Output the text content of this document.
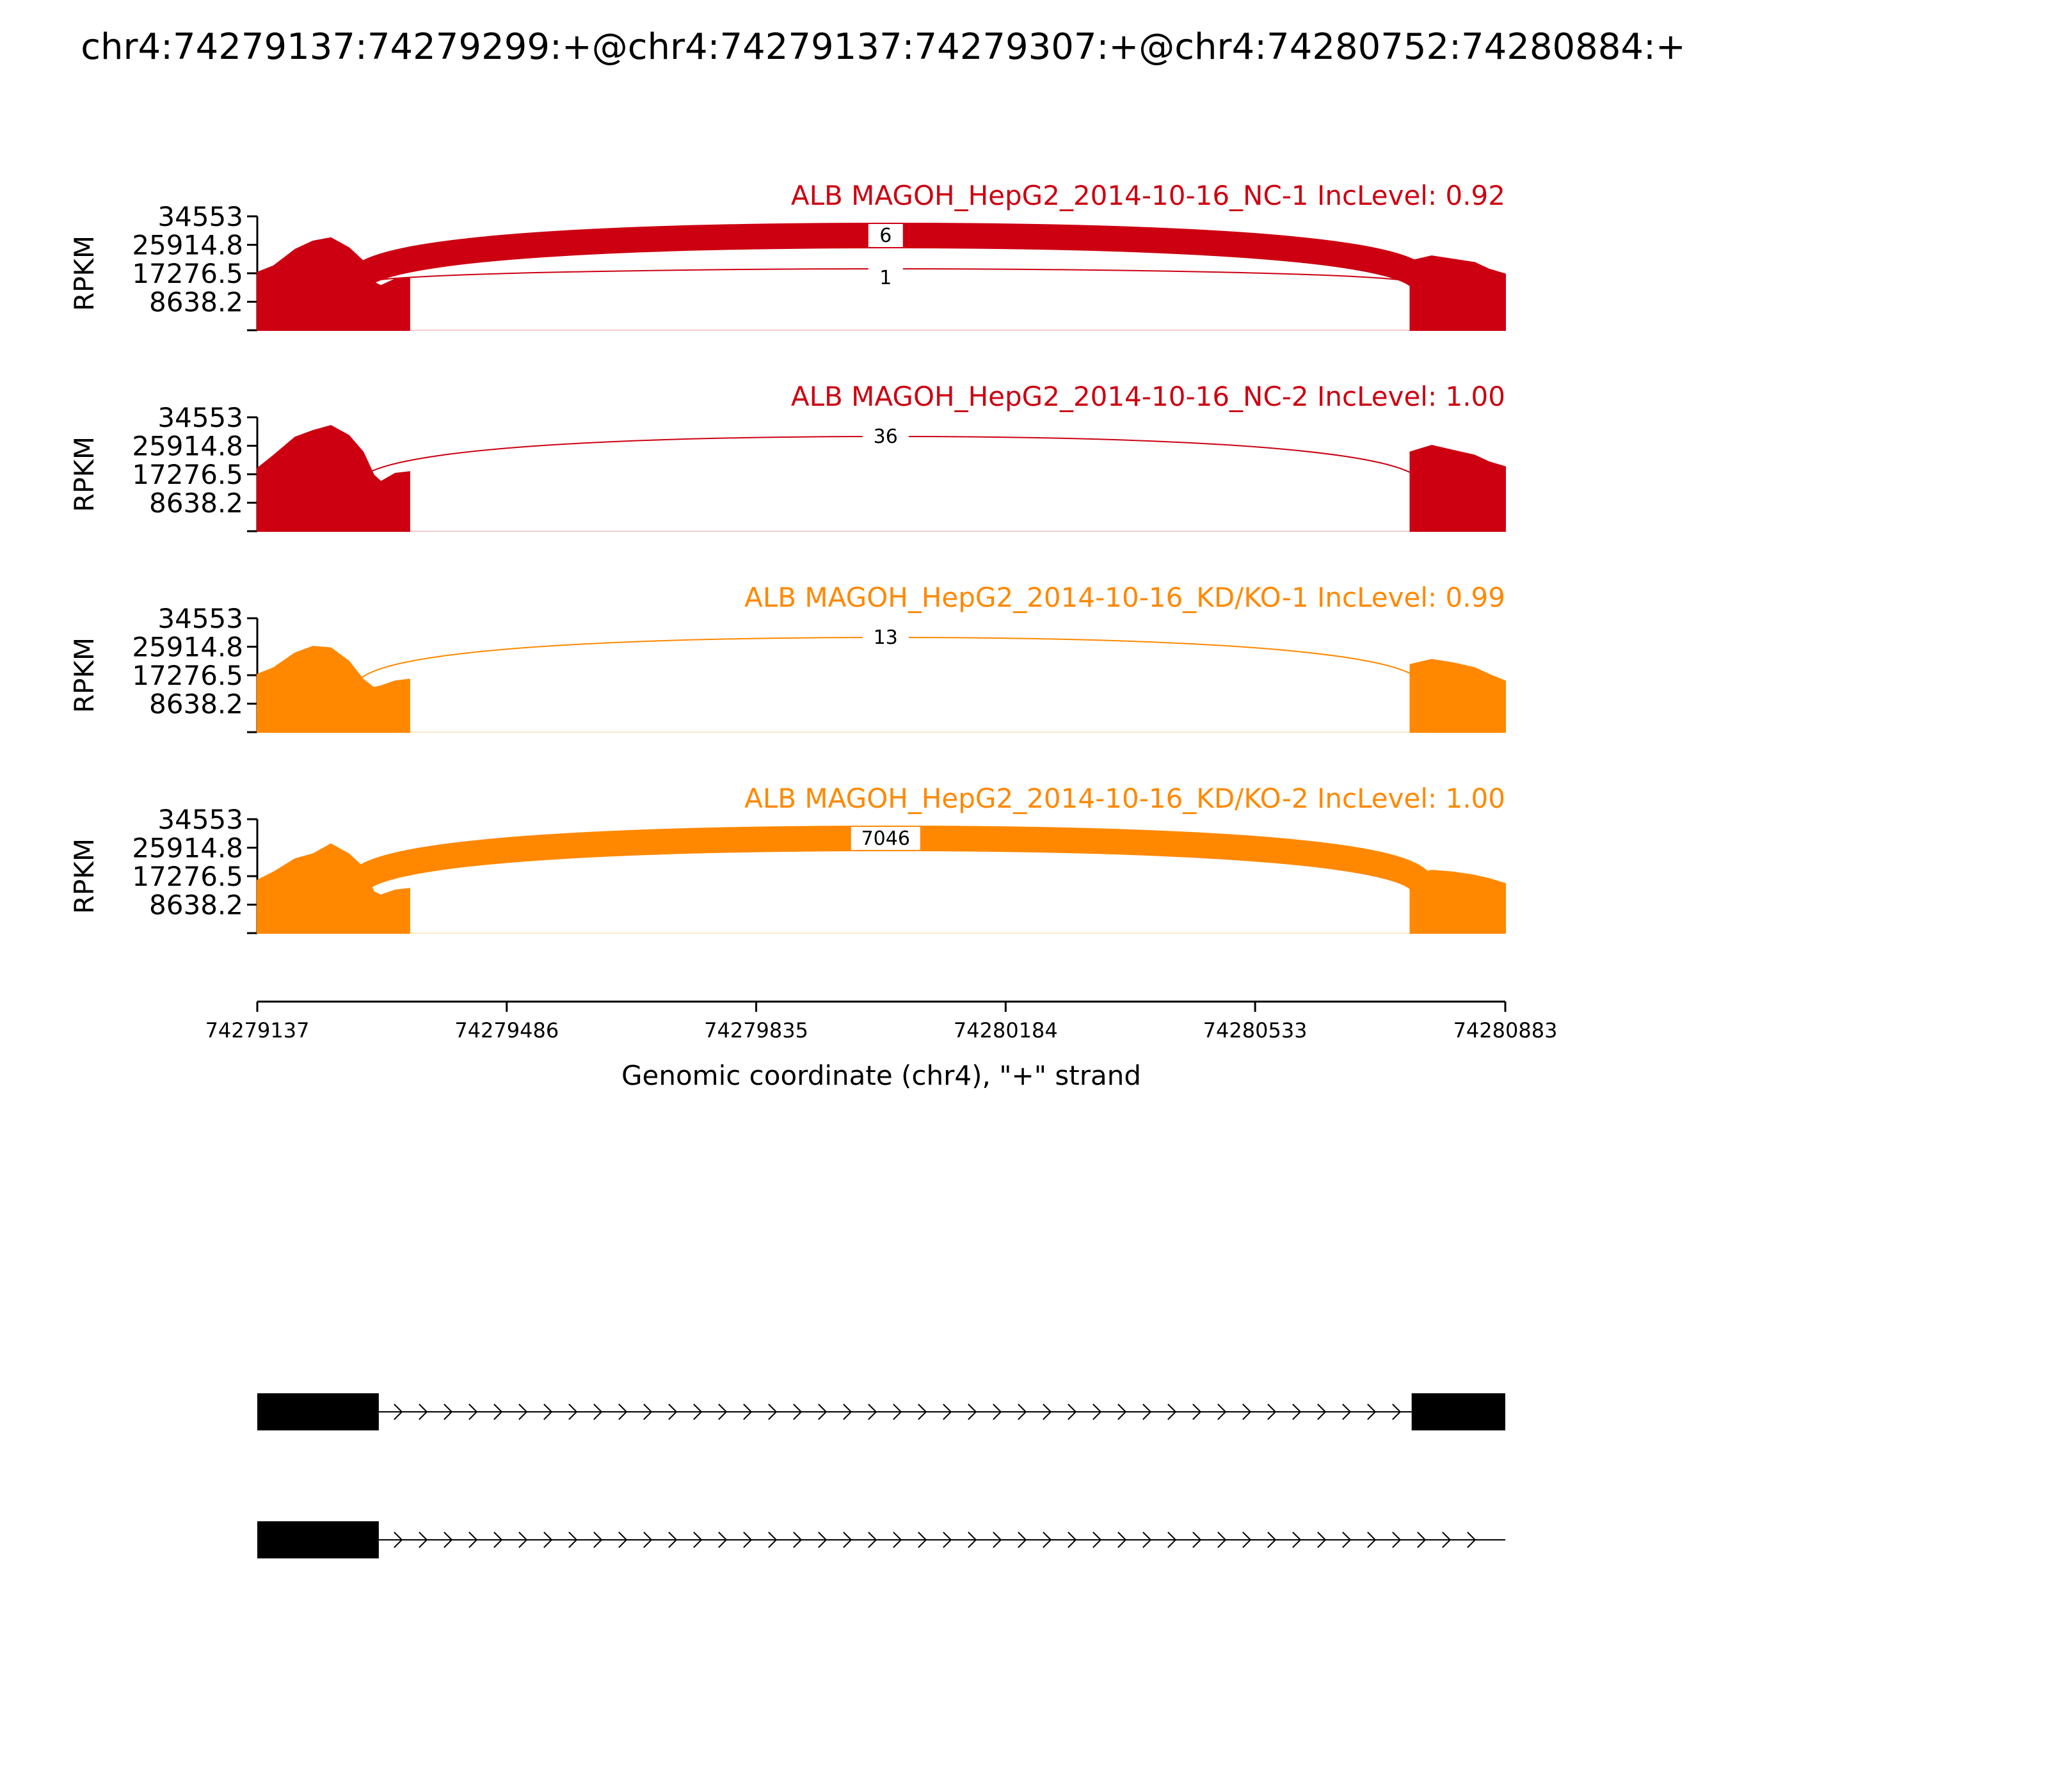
chr4:74279137:74279299:+@chr4:74279137:74279307:+@chr4:74280752:74280884:+
34553
25914.8
17276.5
8638.2
RPKM	6
1
ALB MAGOH_HepG2_2014-10-16_NC-1 IncLevel: 0.92
34553
25914.8
17276.5
8638.2
RPKM	36
ALB MAGOH_HepG2_2014-10-16_NC-2 IncLevel: 1.00
34553
25914.8
17276.5
8638.2
RPKM	13
ALB MAGOH_HepG2_2014-10-16_KD/KO-1 IncLevel: 0.99
34553
25914.8
17276.5
8638.2
RPKM	7046
ALB MAGOH_HepG2_2014-10-16_KD/KO-2 IncLevel: 1.00
74279137	74279486	74279835	74280184	74280533	74280883
Genomic coordinate (chr4), "+" strand
